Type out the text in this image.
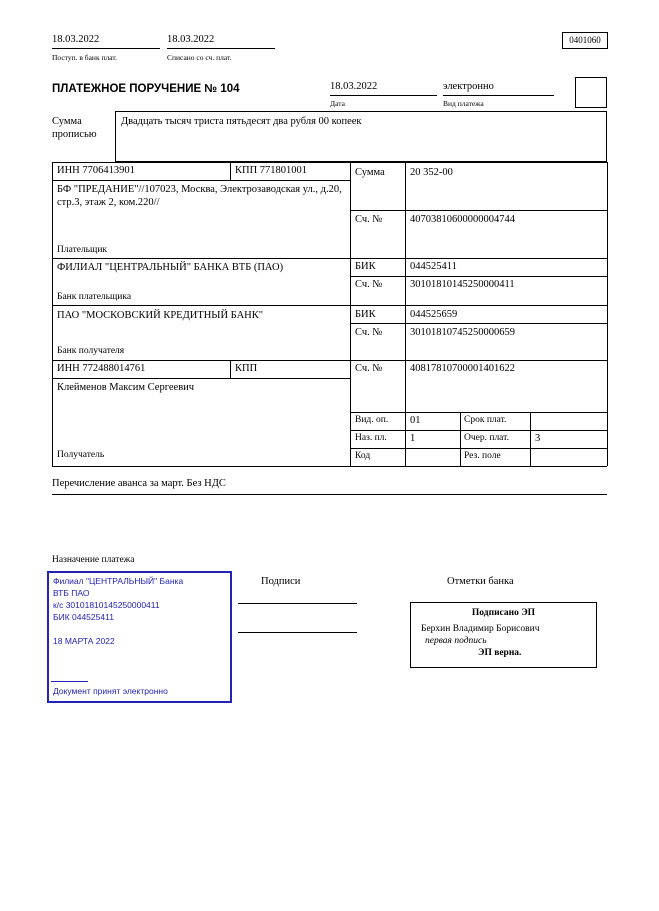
18.03.2022	18.03.2022
Поступ. в банк плат.	Списано со сч. плат.
0401060
ПЛАТЕЖНОЕ ПОРУЧЕНИЕ № 104	18.03.2022
Дата
электронно
Вид платежа
Сумма
прописью
Двадцать тысяч триста пятьдесят два рубля 00 копеек
ИНН 7706413901	КПП 771801001	Сумма 20 352-00
БФ "ПРЕДАНИЕ"//107023, Москва, Электрозаводская ул., д.20, стр.3, этаж 2, ком.220//
Сч. №	40703810600000004744
Плательщик
ФИЛИАЛ "ЦЕНТРАЛЬНЫЙ" БАНКА ВТБ (ПАО)	БИК	044525411
Сч. №	30101810145250000411
Банк плательщика
ПАО "МОСКОВСКИЙ КРЕДИТНЫЙ БАНК"	БИК	044525659
Сч. №	30101810745250000659
Банк получателя
ИНН 772488014761	КПП	Сч. №	40817810700001401622
Клейменов Максим Сергеевич
Вид. оп. 01	Срок плат.
Наз. пл. 1	Очер. плат. 3
Код	Рез. поле
Получатель
Перечисление аванса за март. Без НДС
Назначение платежа
Филиал "ЦЕНТРАЛЬНЫЙ" Банка
ВТБ ПАО
к/с 30101810145250000411
БИК 044525411
18 МАРТА 2022
Документ принят электронно
Подписи	Отметки банка
Подписано ЭП
Берхин Владимир Борисович
первая подпись
ЭП верна.
